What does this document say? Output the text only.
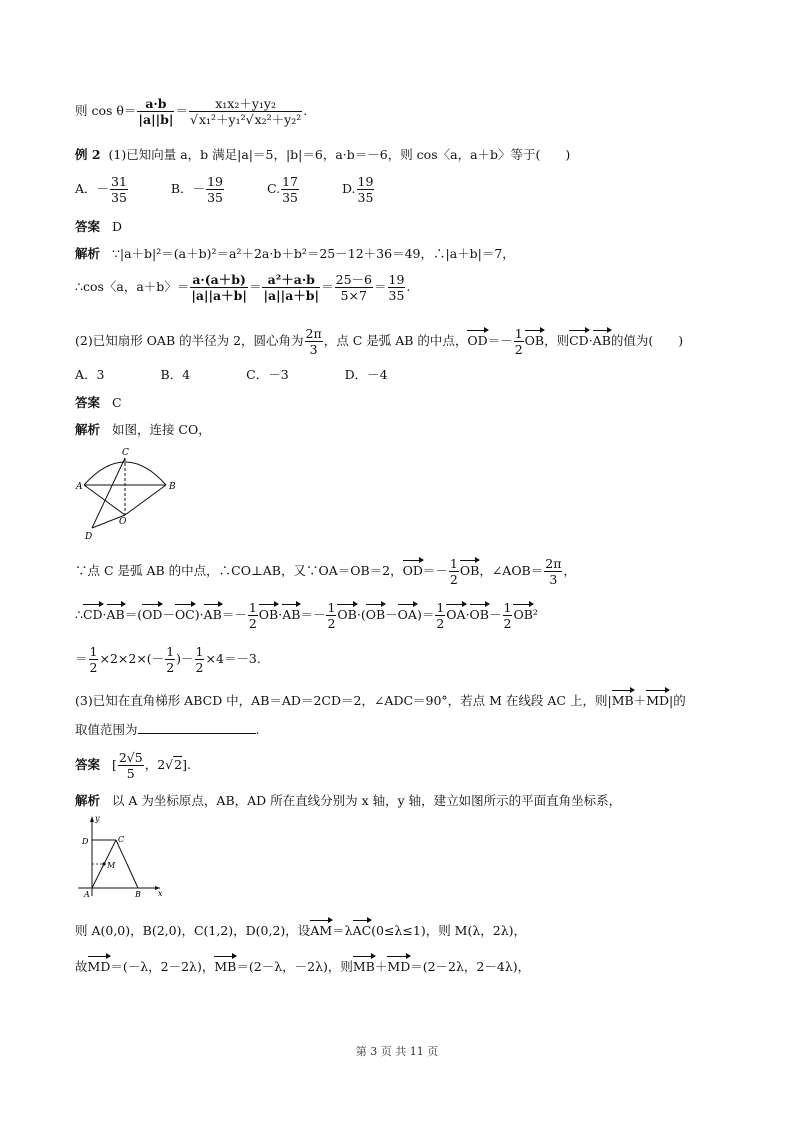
则 $\cos \theta= \frac{a\cdot b}{|a||b|} = \frac{\text{x₁x₂＋y₁y₂}}{\text{√x₁²＋y₁²√x₂²＋y₂²}}$ .
例 2 (1)已知向量 a，b 满足|a|＝5，|b|＝6，a·b＝－6，则 cos〈a，a＋b〉等于(　　)
A．－ $\frac{31}{35}$	B．－ $\frac{19}{35}$	C. $\frac{17}{35}$	D. $\frac{19}{35}$
答案 D
解析 ∵|a＋b|²＝(a＋b)²＝a²＋2a·b＋b²＝25－12＋36＝49，∴|a＋b|＝7，
∴cos〈a，a＋b〉＝ $\frac{a\cdot(a+b)}{|a||a+b|} = \frac{\text{a²＋a·b}}{|a||a+b|} = \frac{25-6}{5\times 7} = \frac{19}{35}$ .
(2)已知扇形 OAB 的半径为 2，圆心角为 $\frac{2\pi}{3}$ ，点 C 是弧 AB 的中点，$OD=- \frac{1}{2}$ OB，则CD·AB的值为(　　)
A．3	B．4	C．－3	D．－4
答案 C
解析 如图，连接 CO，
A	B
C
O
D
∵点 C 是弧 AB 的中点，∴CO⊥AB，又∵OA＝OB＝2，$OD=- \frac{1}{2}$ OB，∠AOB＝ $\frac{2\pi}{3}$ ，
∴CD·AB＝(OD－OC)·AB＝－ $\frac{1}{2} OB\cdot AB=- \frac{1}{2} OB\cdot(OB-OA)= \frac{1}{2} OA\cdot OB- \frac{1}{2} OB^2$
＝ $\frac{1}{2} \times 2\times 2\times(- \frac{1}{2}$ )－ $\frac{1}{2} \times 4=-3$.
(3)已知在直角梯形 ABCD 中，AB＝AD＝2CD＝2，∠ADC＝90°，若点 M 在线段 AC 上，则|MB＋MD|的
取值范围为	.
答案 [ $\frac{2√5}{5}$ ，2√2].
解析 以 A 为坐标原点，AB，AD 所在直线分别为 x 轴，y 轴，建立如图所示的平面直角坐标系，
y
x
D	C
M
A	B
则 A(0,0)，B(2,0)，C(1,2)，D(0,2)，设AM＝λAC(0≤λ≤1)，则 M(λ，2λ)，
故MD＝(－λ，2－2λ)，MB＝(2－λ，－2λ)，则MB＋MD＝(2－2λ，2－4λ)，
第 3 页 共 11 页
